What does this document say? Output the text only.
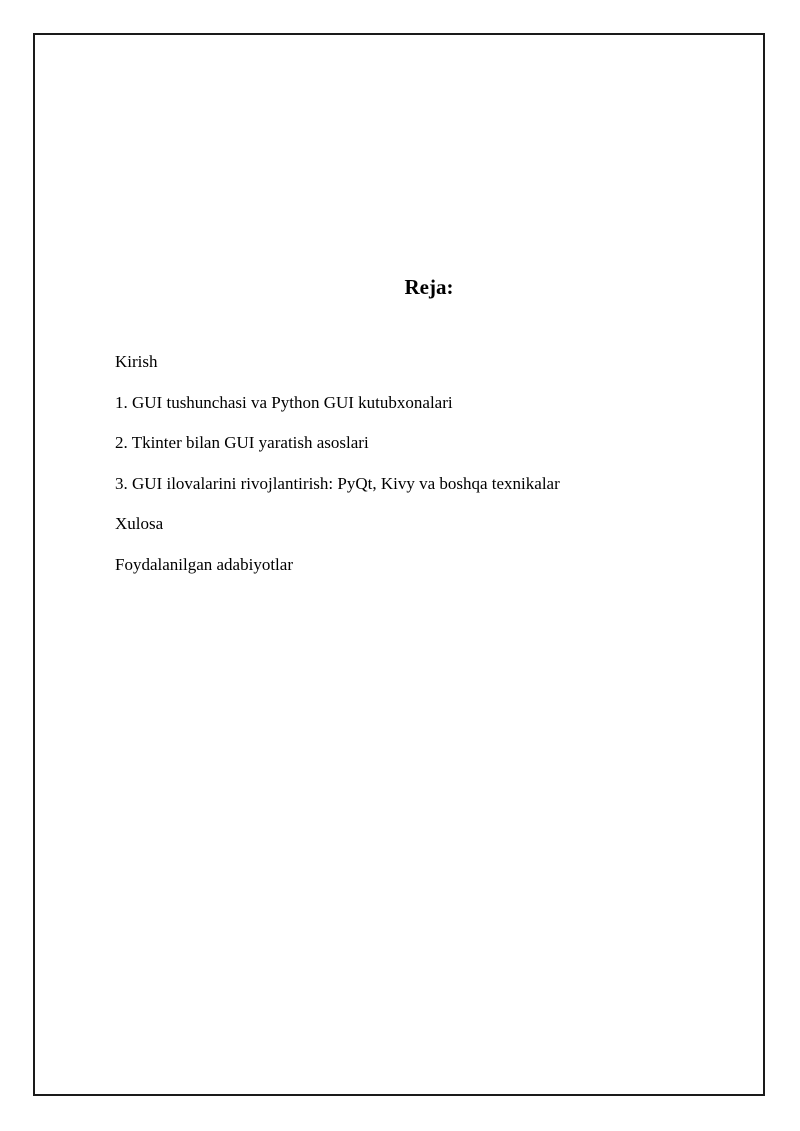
Reja:
Kirish
1. GUI tushunchasi va Python GUI kutubxonalari
2. Tkinter bilan GUI yaratish asoslari
3. GUI ilovalarini rivojlantirish: PyQt, Kivy va boshqa texnikalar
Xulosa
Foydalanilgan adabiyotlar
